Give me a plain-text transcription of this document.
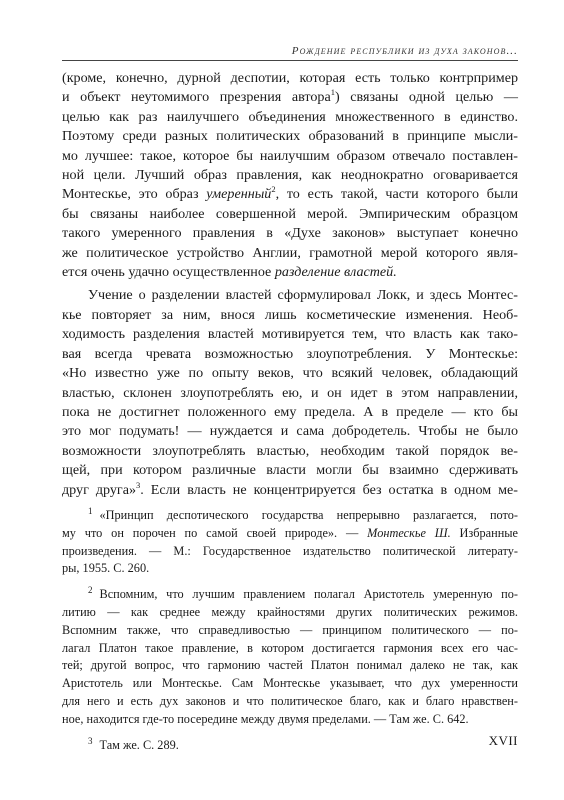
Рождение республики из духа законов...
(кроме, конечно, дурной деспотии, которая есть только контрпример
и объект неутомимого презрения автора$^1$) связаны одной целью —
целью как раз наилучшего объединения множественного в единство.
Поэтому среди разных политических образований в принципе мысли-
мо лучшее: такое, которое бы наилучшим образом отвечало поставлен-
ной цели. Лучший образ правления, как неоднократно оговаривается
Монтескье, это образ умеренный$^2$, то есть такой, части которого были
бы связаны наиболее совершенной мерой. Эмпирическим образцом
такого умеренного правления в «Духе законов» выступает конечно
же политическое устройство Англии, грамотной мерой которого явля-
ется очень удачно осуществленное разделение властей.
Учение о разделении властей сформулировал Локк, и здесь Монтес-
кье повторяет за ним, внося лишь косметические изменения. Необ-
ходимость разделения властей мотивируется тем, что власть как тако-
вая всегда чревата возможностью злоупотребления. У Монтескье:
«Но известно уже по опыту веков, что всякий человек, обладающий
властью, склонен злоупотреблять ею, и он идет в этом направлении,
пока не достигнет положенного ему предела. А в пределе — кто бы
это мог подумать! — нуждается и сама добродетель. Чтобы не было
возможности злоупотреблять властью, необходим такой порядок ве-
щей, при котором различные власти могли бы взаимно сдерживать
друг друга»$^3$. Если власть не концентрируется без остатка в одном ме-
$^1$ «Принцип деспотического государства непрерывно разлагается, пото-
му что он порочен по самой своей природе». — Монтескье Ш. Избранные
произведения. — М.: Государственное издательство политической литерату-
ры, 1955. С. 260.
$^2$ Вспомним, что лучшим правлением полагал Аристотель умеренную по-
литию — как среднее между крайностями других политических режимов.
Вспомним также, что справедливостью — принципом политического — по-
лагал Платон такое правление, в котором достигается гармония всех его час-
тей; другой вопрос, что гармонию частей Платон понимал далеко не так, как
Аристотель или Монтескье. Сам Монтескье указывает, что дух умеренности
для него и есть дух законов и что политическое благо, как и благо нравствен-
ное, находится где-то посередине между двумя пределами. — Там же. С. 642.
$^3$ Там же. С. 289.	XVII
